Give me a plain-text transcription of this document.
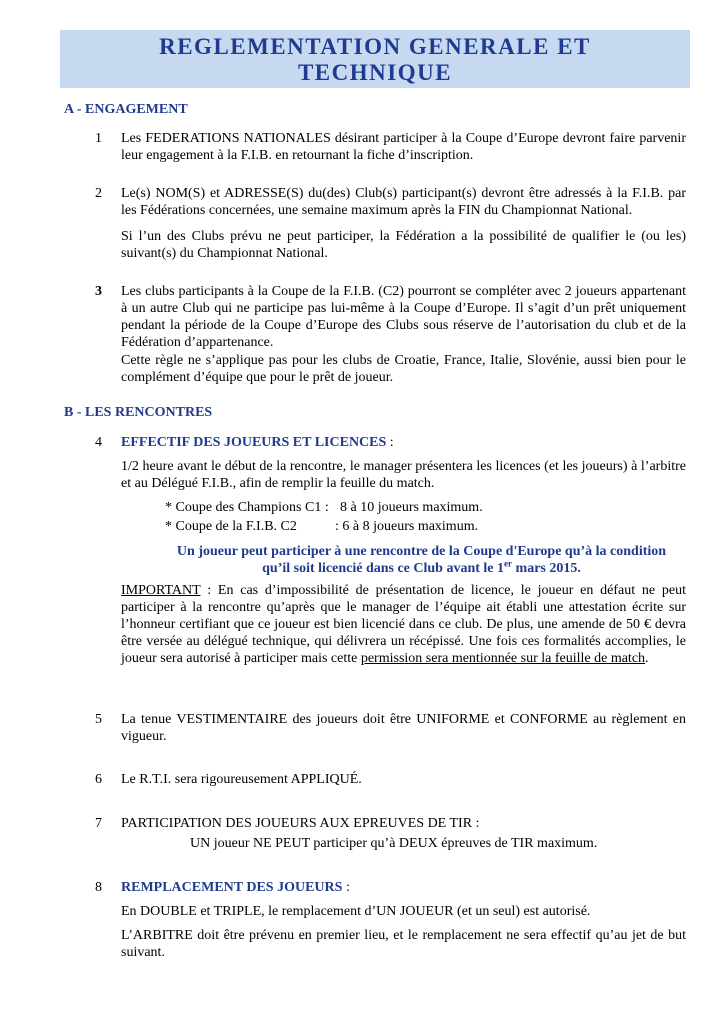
REGLEMENTATION GENERALE ET
TECHNIQUE
A - ENGAGEMENT
1	Les FEDERATIONS NATIONALES désirant participer à la Coupe d’Europe devront faire parvenir leur engagement à la F.I.B. en retournant la fiche d’inscription.

2	Le(s) NOM(S) et ADRESSE(S) du(des) Club(s) participant(s) devront être adressés à la F.I.B. par les Fédérations concernées, une semaine maximum après la FIN du Championnat National.

Si l’un des Clubs prévu ne peut participer, la Fédération a la possibilité de qualifier le (ou les) suivant(s) du Championnat National.

3	Les clubs participants à la Coupe de la F.I.B. (C2) pourront se compléter avec 2 joueurs appartenant à un autre Club qui ne participe pas lui-même à la Coupe d’Europe. Il s’agit d’un prêt uniquement pendant la période de la Coupe d’Europe des Clubs sous réserve de l’autorisation du club et de la Fédération d’appartenance.

Cette règle ne s’applique pas pour les clubs de Croatie, France, Italie, Slovénie, aussi bien pour le complément d’équipe que pour le prêt de joueur.

B - LES RENCONTRES
4	EFFECTIF DES JOUEURS ET LICENCES :

1/2 heure avant le début de la rencontre, le manager présentera les licences (et les joueurs) à l’arbitre et au Délégué F.I.B., afin de remplir la feuille du match.

* Coupe des Champions C1 : 8 à 10 joueurs maximum.
* Coupe de la F.I.B. C2	: 6 à 8 joueurs maximum.

Un joueur peut participer à une rencontre de la Coupe d'Europe qu’à la condition
qu’il soit licencié dans ce Club avant le 1er mars 2015.

IMPORTANT : En cas d’impossibilité de présentation de licence, le joueur en défaut ne peut participer à la rencontre qu’après que le manager de l’équipe ait établi une attestation écrite sur l’honneur certifiant que ce joueur est bien licencié dans ce club. De plus, une amende de 50 € devra être versée au délégué technique, qui délivrera un récépissé. Une fois ces formalités accomplies, le joueur sera autorisé à participer mais cette permission sera mentionnée sur la feuille de match.

5	La tenue VESTIMENTAIRE des joueurs doit être UNIFORME et CONFORME au règlement en vigueur.

6	Le R.T.I. sera rigoureusement APPLIQUÉ.

7	PARTICIPATION DES JOUEURS AUX EPREUVES DE TIR :

UN joueur NE PEUT participer qu’à DEUX épreuves de TIR maximum.
8	REMPLACEMENT DES JOUEURS :

En DOUBLE et TRIPLE, le remplacement d’UN JOUEUR (et un seul) est autorisé.

L’ARBITRE doit être prévenu en premier lieu, et le remplacement ne sera effectif qu’au jet de but suivant.
